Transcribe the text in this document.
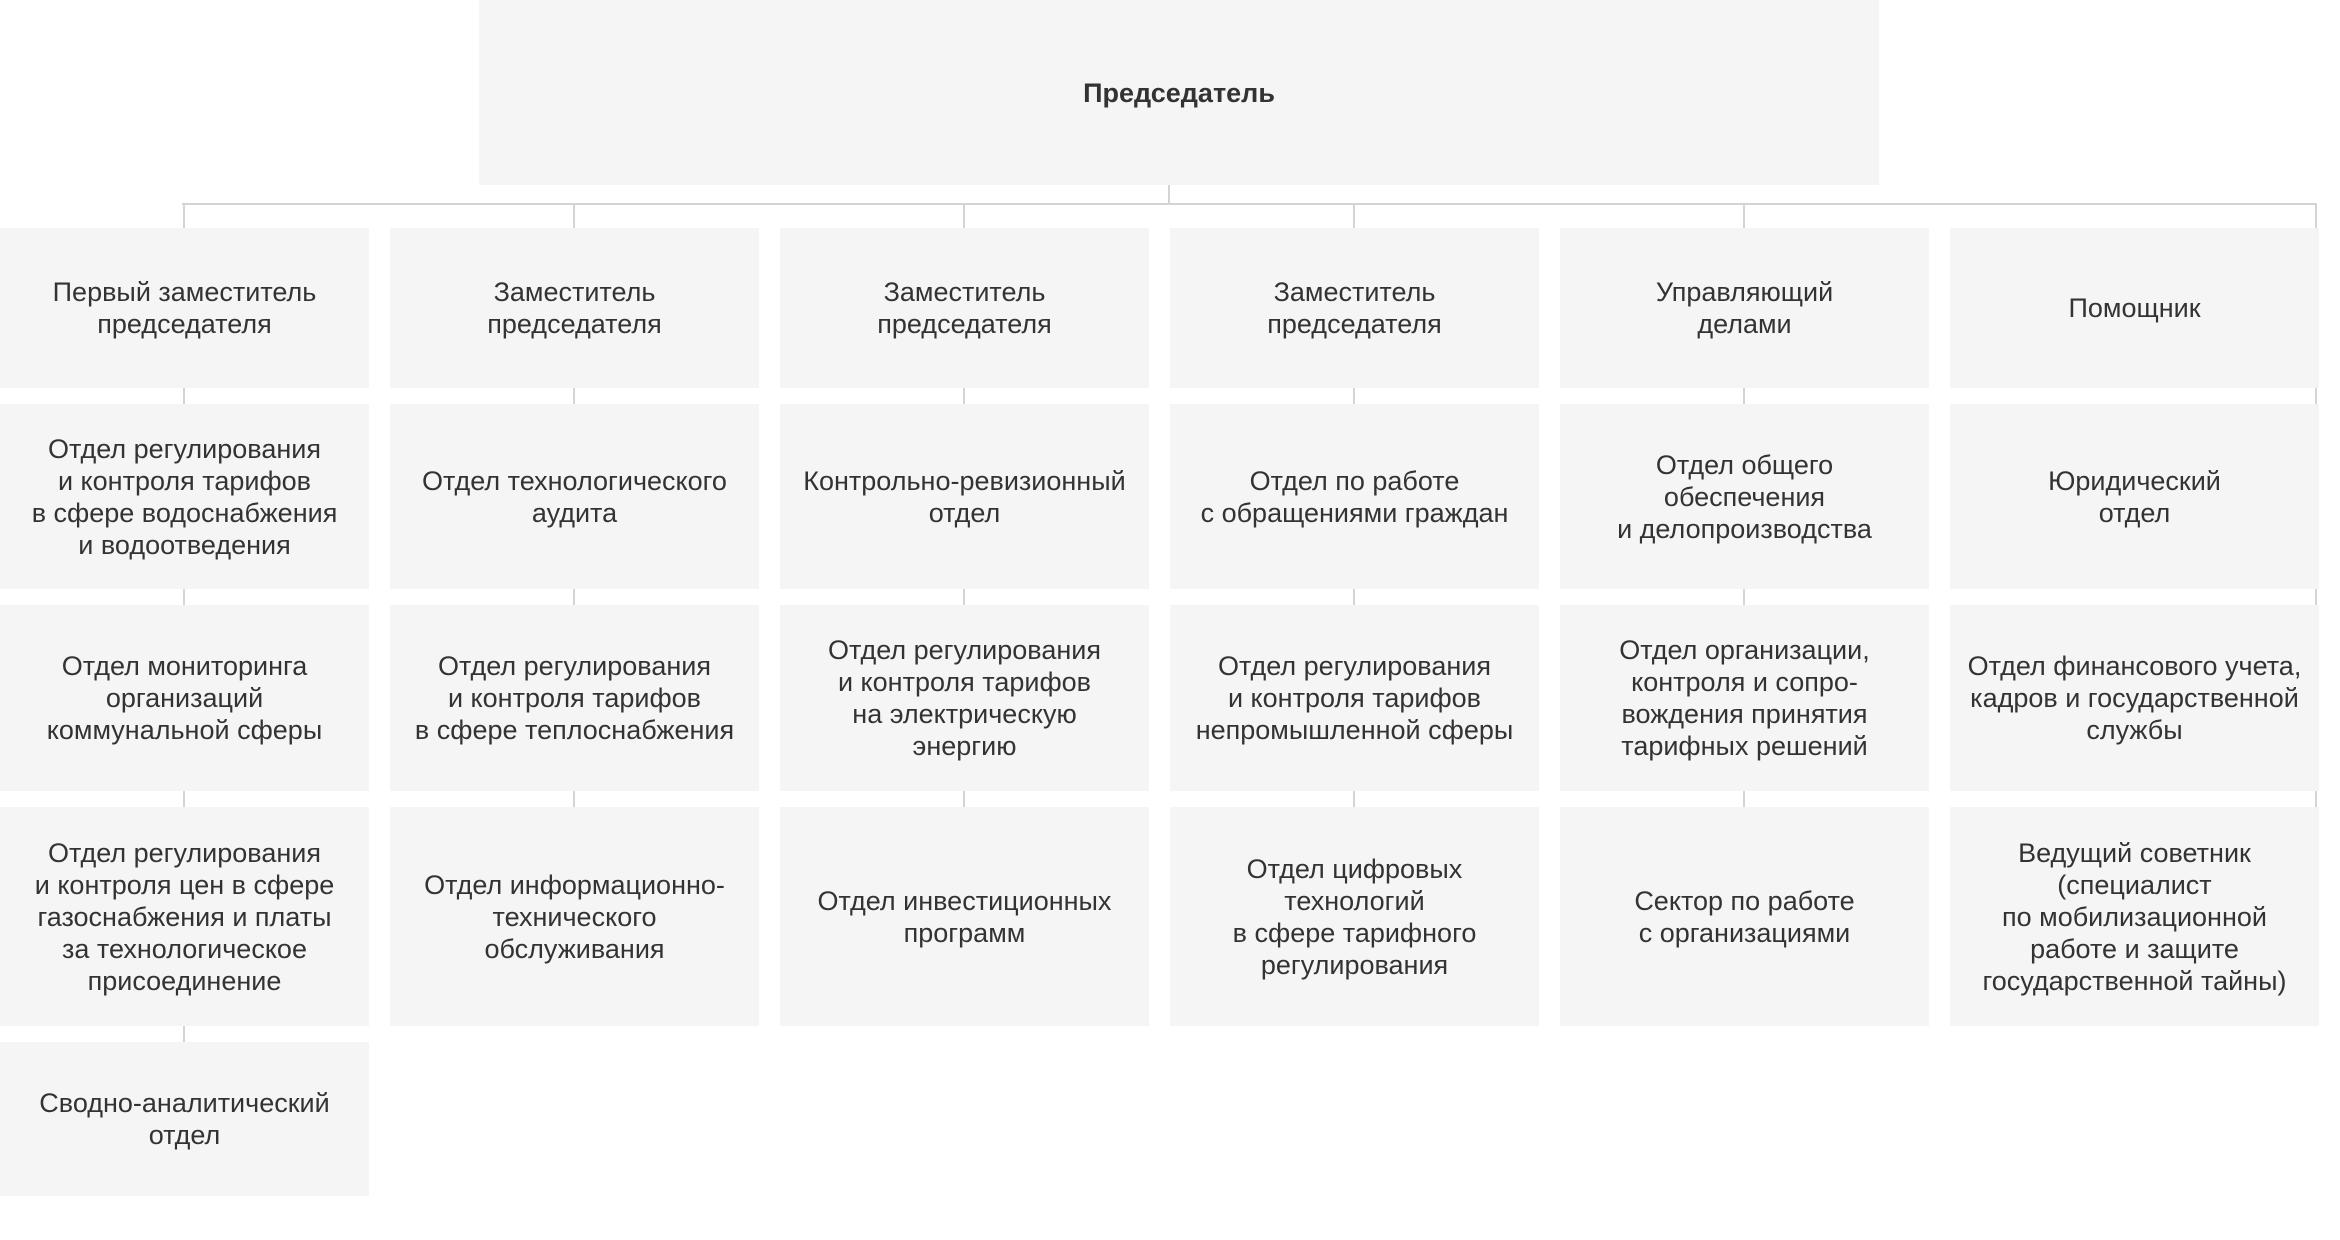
Председатель
Первый заместитель
председателя
Отдел регулирования
и контроля тарифов
в сфере водоснабжения
и водоотведения
Отдел мониторинга
организаций
коммунальной сферы
Отдел регулирования
и контроля цен в сфере
газоснабжения и платы
за технологическое
присоединение
Сводно-аналитический
отдел
Заместитель
председателя
Отдел технологического
аудита
Отдел регулирования
и контроля тарифов
в сфере теплоснабжения
Отдел информационно-
технического
обслуживания
Заместитель
председателя
Контрольно-ревизионный
отдел
Отдел регулирования
и контроля тарифов
на электрическую
энергию
Отдел инвестиционных
программ
Заместитель
председателя
Отдел по работе
с обращениями граждан
Отдел регулирования
и контроля тарифов
непромышленной сферы
Отдел цифровых
технологий
в сфере тарифного
регулирования
Управляющий
делами
Отдел общего
обеспечения
и делопроизводства
Отдел организации,
контроля и сопро-
вождения принятия
тарифных решений
Сектор по работе
с организациями
Помощник
Юридический
отдел
Отдел финансового учета,
кадров и государственной
службы
Ведущий советник
(специалист
по мобилизационной
работе и защите
государственной тайны)
